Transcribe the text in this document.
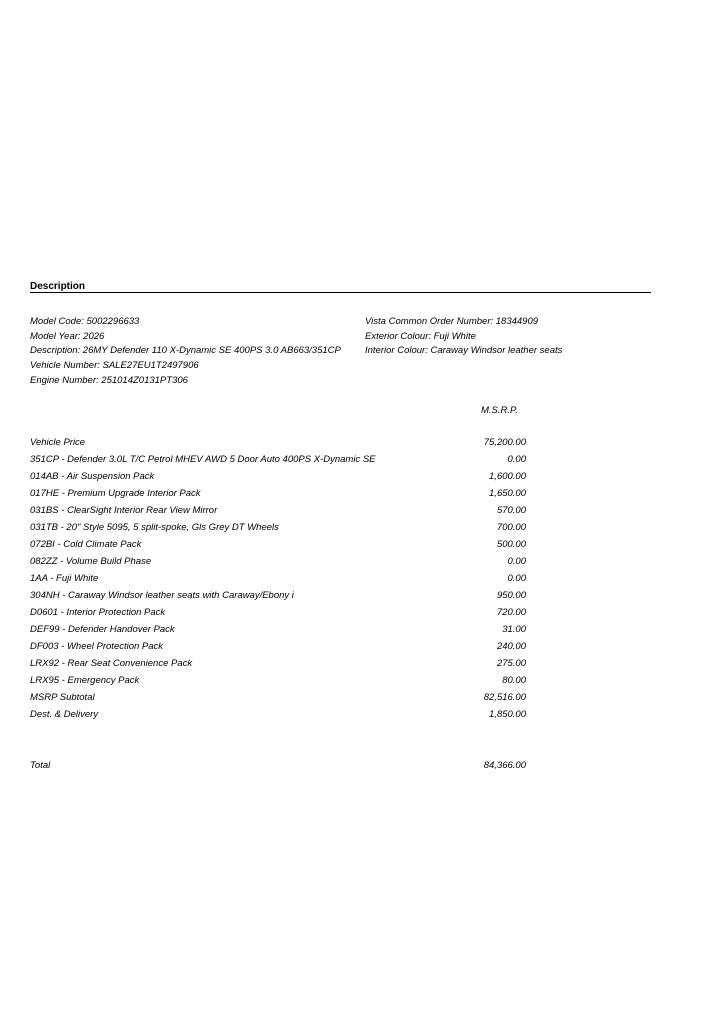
Description
Model Code: 5002296633
Model Year: 2026
Description: 26MY Defender 110 X-Dynamic SE 400PS 3.0 AB663/351CP
Vehicle Number: SALE27EU1T2497906
Engine Number: 251014Z0131PT306
Vista Common Order Number: 18344909
Exterior Colour: Fuji White
Interior Colour: Caraway Windsor leather seats
M.S.R.P.
Vehicle Price	75,200.00
351CP - Defender 3.0L T/C Petrol MHEV AWD 5 Door Auto 400PS X-Dynamic SE	0.00
014AB - Air Suspension Pack	1,600.00
017HE - Premium Upgrade Interior Pack	1,650.00
031BS - ClearSight Interior Rear View Mirror	570.00
031TB - 20" Style 5095, 5 split-spoke, Gls Grey DT Wheels	700.00
072BI - Cold Climate Pack	500.00
082ZZ - Volume Build Phase	0.00
1AA - Fuji White	0.00
304NH - Caraway Windsor leather seats with Caraway/Ebony i	950.00
D0601 - Interior Protection Pack	720.00
DEF99 - Defender Handover Pack	31.00
DF003 - Wheel Protection Pack	240.00
LRX92 - Rear Seat Convenience Pack	275.00
LRX95 - Emergency Pack	80.00
MSRP Subtotal	82,516.00
Dest. & Delivery	1,850.00
Total	84,366.00
